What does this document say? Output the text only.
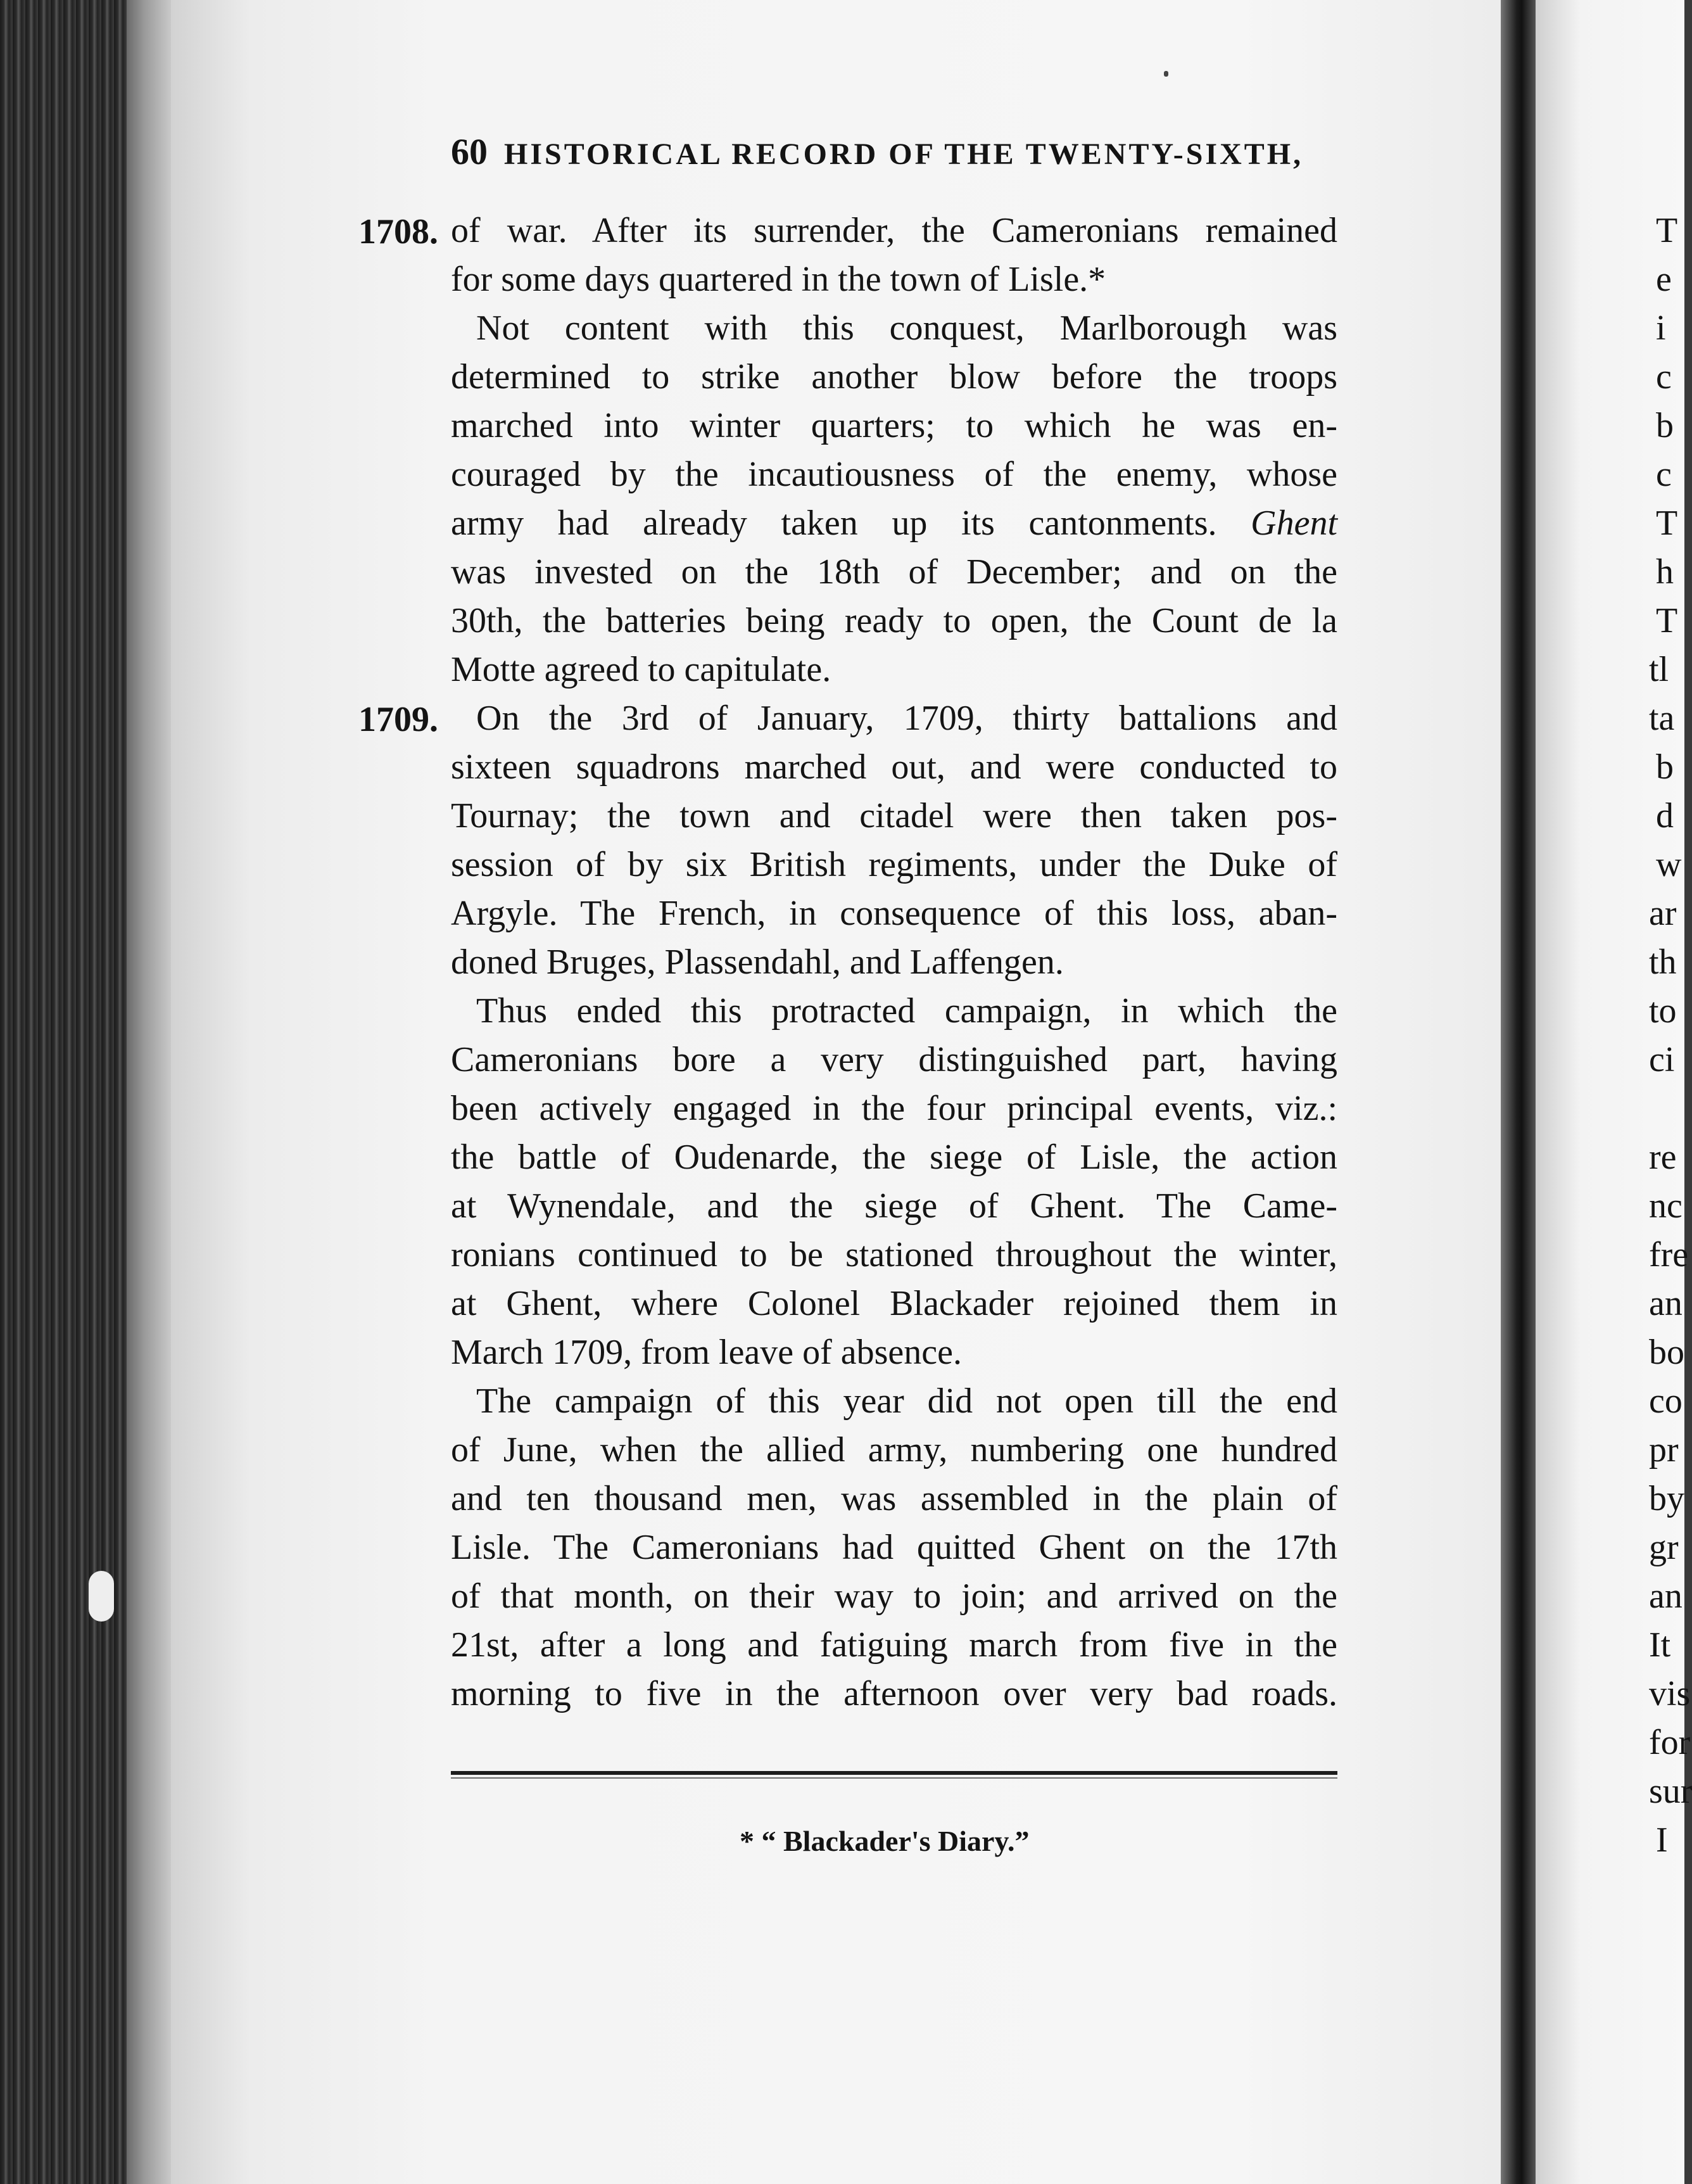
60 HISTORICAL RECORD OF THE TWENTY-SIXTH,
1708.
1709.
of war. After its surrender, the Cameronians remained
for some days quartered in the town of Lisle.*
Not content with this conquest, Marlborough was
determined to strike another blow before the troops
marched into winter quarters; to which he was en-
couraged by the incautiousness of the enemy, whose
army had already taken up its cantonments. Ghent
was invested on the 18th of December; and on the
30th, the batteries being ready to open, the Count de la
Motte agreed to capitulate.
On the 3rd of January, 1709, thirty battalions and
sixteen squadrons marched out, and were conducted to
Tournay; the town and citadel were then taken pos-
session of by six British regiments, under the Duke of
Argyle. The French, in consequence of this loss, aban-
doned Bruges, Plassendahl, and Laffengen.
Thus ended this protracted campaign, in which the
Cameronians bore a very distinguished part, having
been actively engaged in the four principal events, viz.:
the battle of Oudenarde, the siege of Lisle, the action
at Wynendale, and the siege of Ghent. The Came-
ronians continued to be stationed throughout the winter,
at Ghent, where Colonel Blackader rejoined them in
March 1709, from leave of absence.
The campaign of this year did not open till the end
of June, when the allied army, numbering one hundred
and ten thousand men, was assembled in the plain of
Lisle. The Cameronians had quitted Ghent on the 17th
of that month, on their way to join; and arrived on the
21st, after a long and fatiguing march from five in the
morning to five in the afternoon over very bad roads.
* “ Blackader's Diary.”
T
e
i
c
b
c
T
h
T
tl
ta
b
d
w
ar
th
to
ci
re
nc
fre
an
bo
co
pr
by
gr
an
It
vis
for
sur
I
